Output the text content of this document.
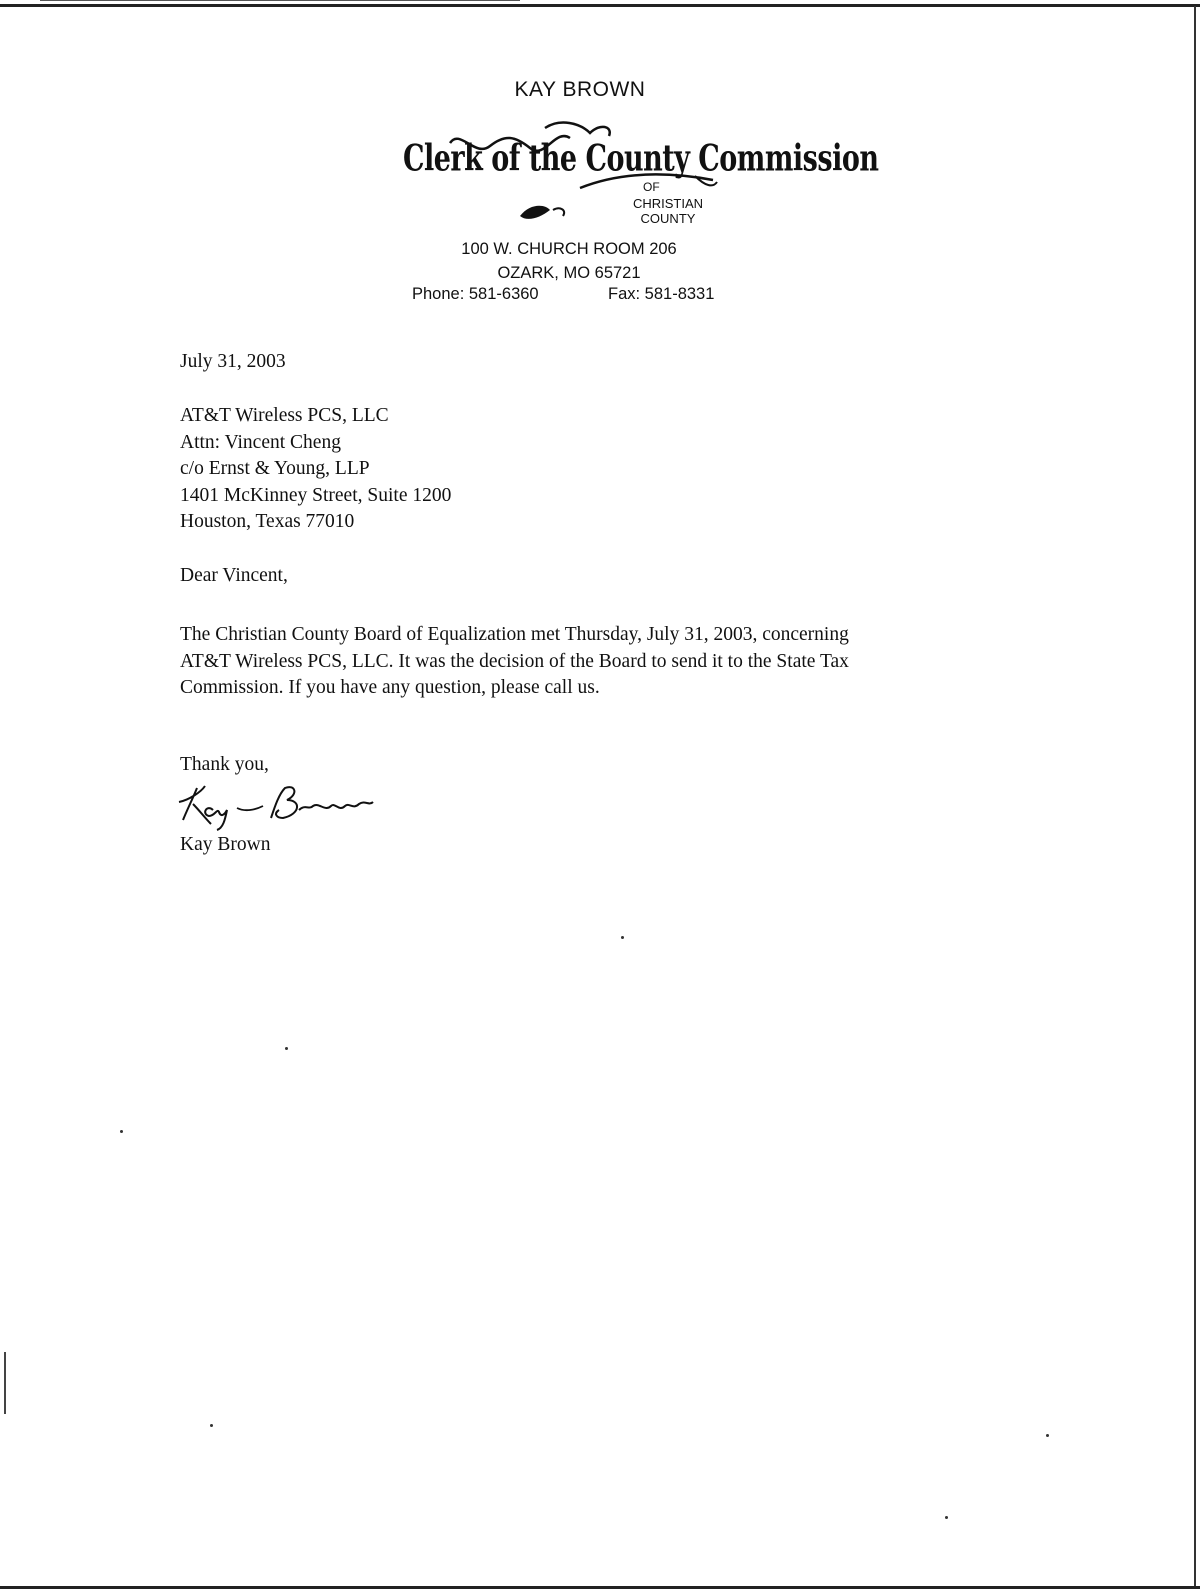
KAY BROWN
Clerk of the County Commission
OF
CHRISTIAN
COUNTY
100 W. CHURCH ROOM 206
OZARK, MO 65721
Phone: 581-6360	Fax: 581-8331
July 31, 2003
AT&T Wireless PCS, LLC
Attn: Vincent Cheng
c/o Ernst & Young, LLP
1401 McKinney Street, Suite 1200
Houston, Texas 77010
Dear Vincent,
The Christian County Board of Equalization met Thursday, July 31, 2003, concerning
AT&T Wireless PCS, LLC. It was the decision of the Board to send it to the State Tax
Commission. If you have any question, please call us.
Thank you,
Kay Brown
